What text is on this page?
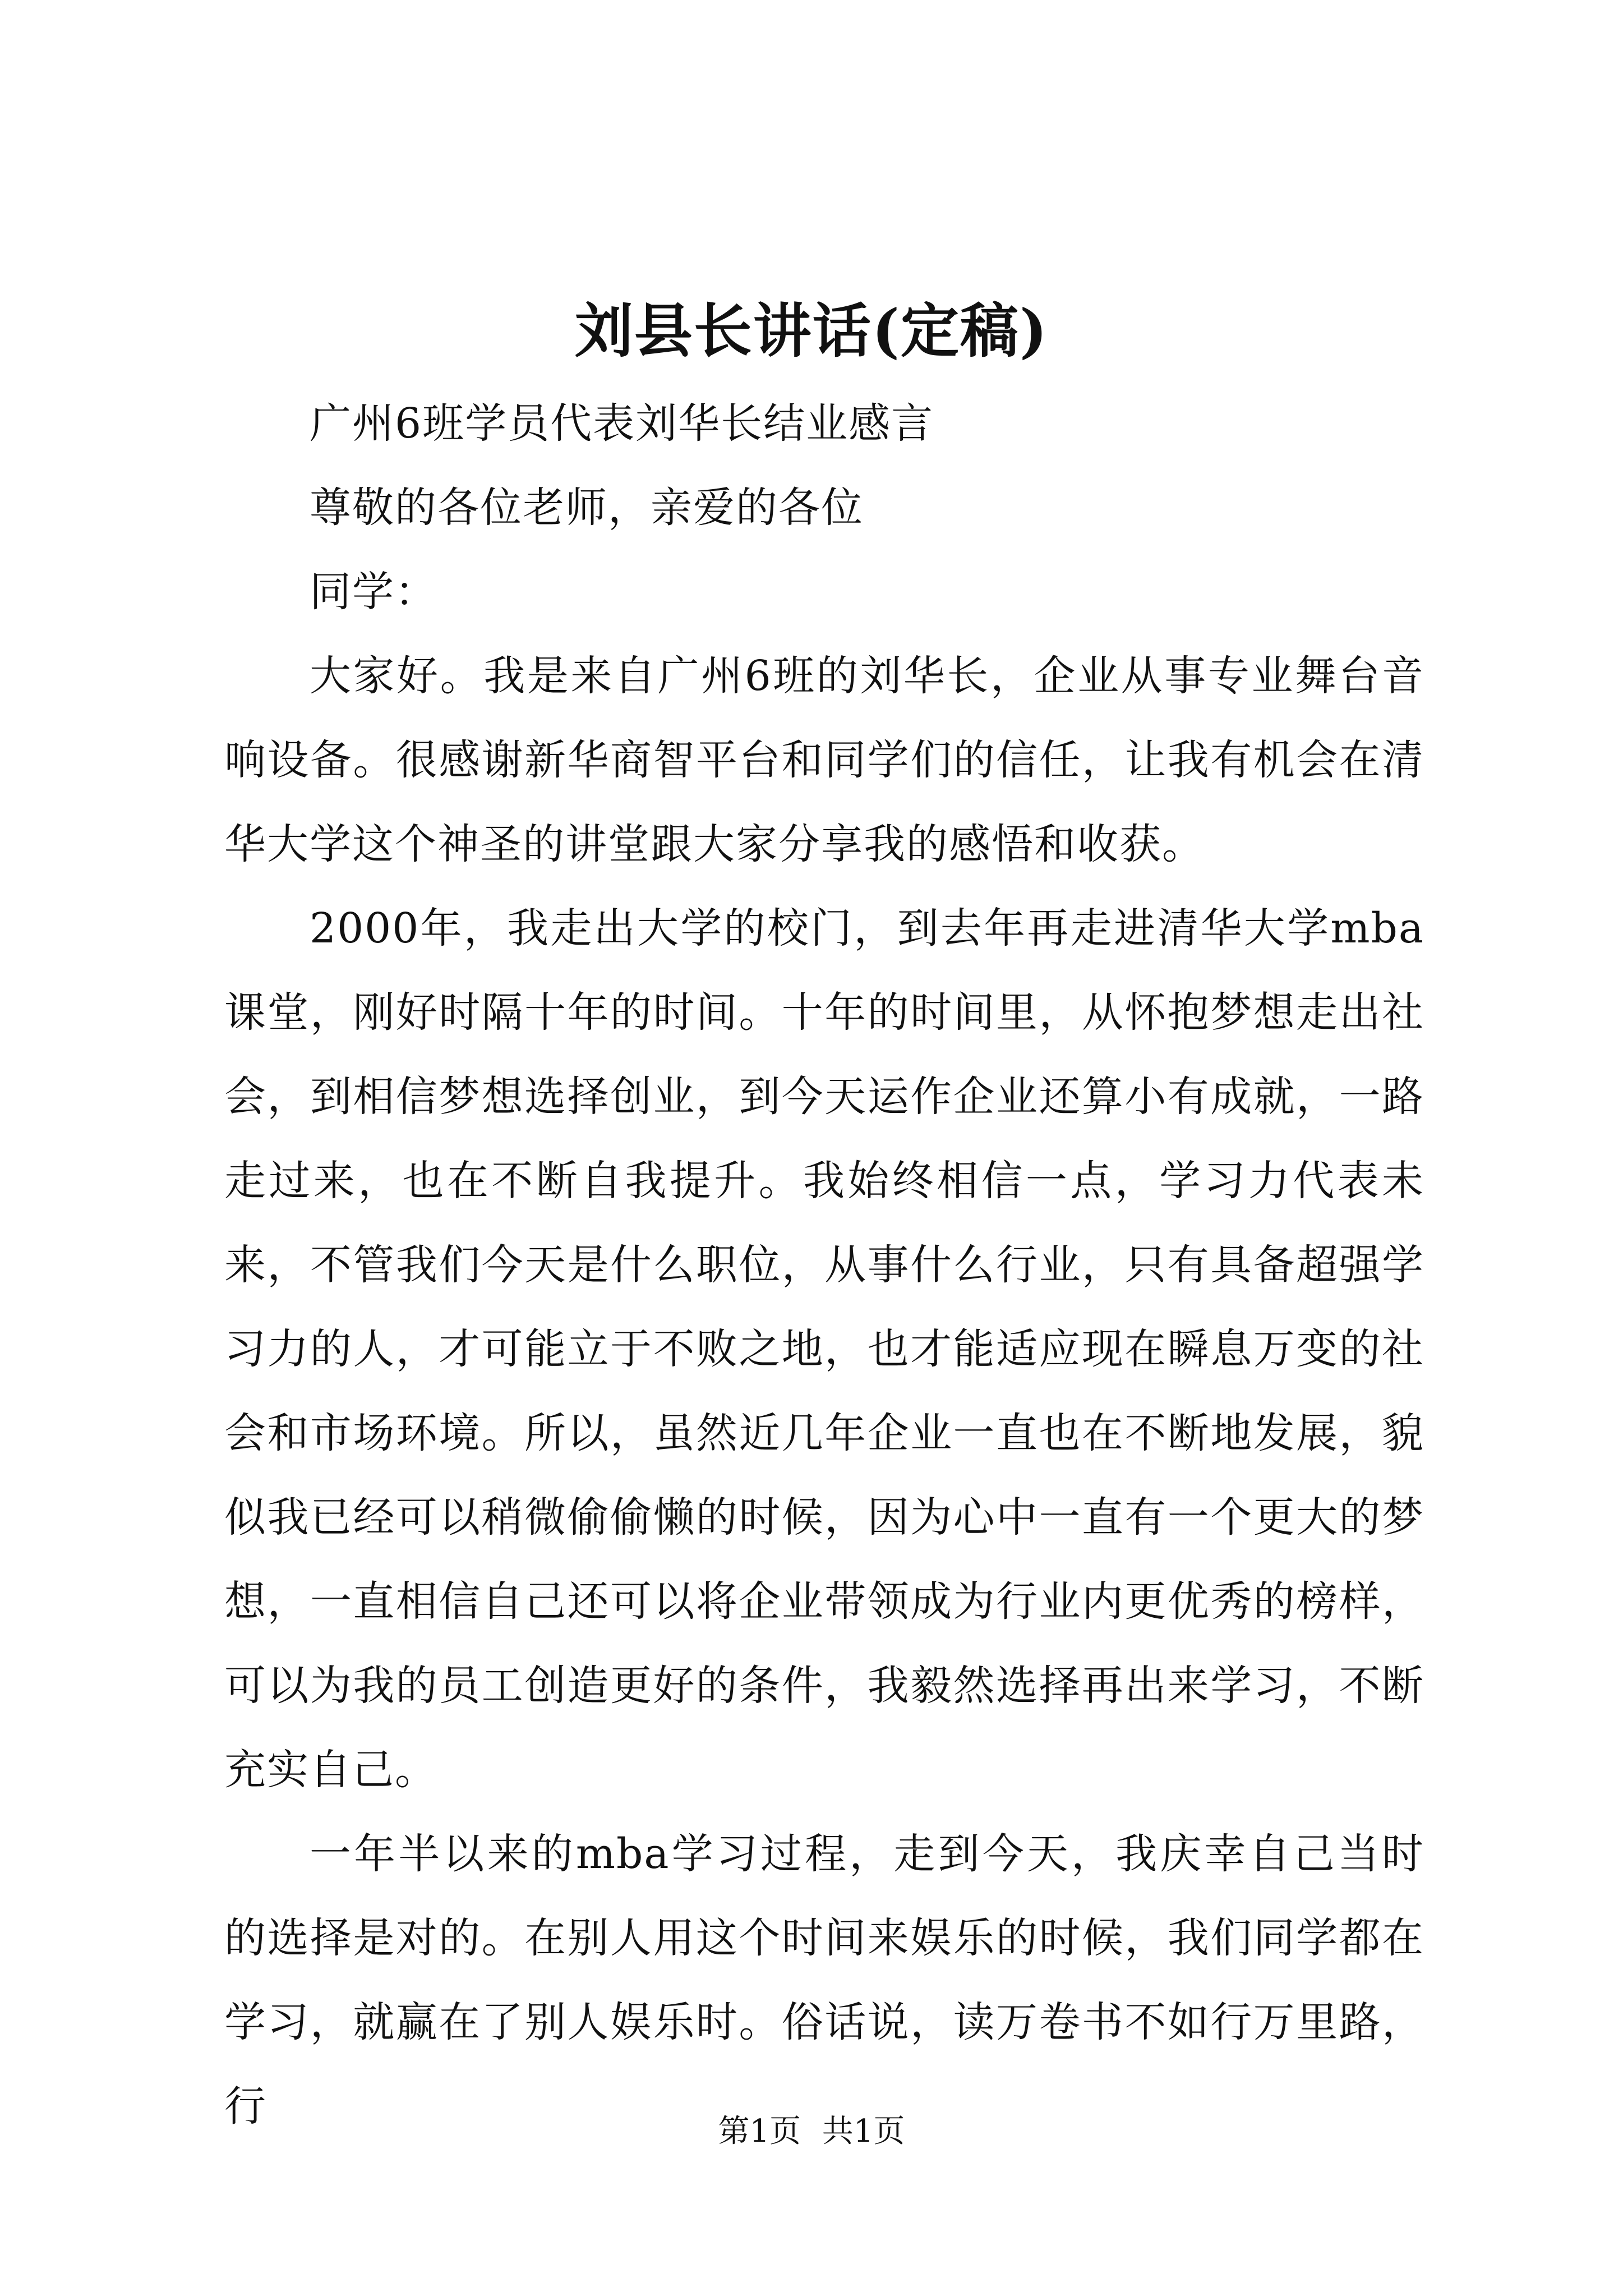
刘县长讲话(定稿)

广州6班学员代表刘华长结业感言

尊敬的各位老师，亲爱的各位

同学：

大家好。我是来自广州6班的刘华长，企业从事专业舞台音响设备。很感谢新华商智平台和同学们的信任，让我有机会在清华大学这个神圣的讲堂跟大家分享我的感悟和收获。

2000年，我走出大学的校门，到去年再走进清华大学mba课堂，刚好时隔十年的时间。十年的时间里，从怀抱梦想走出社会，到相信梦想选择创业，到今天运作企业还算小有成就，一路走过来，也在不断自我提升。我始终相信一点，学习力代表未来，不管我们今天是什么职位，从事什么行业，只有具备超强学习力的人，才可能立于不败之地，也才能适应现在瞬息万变的社会和市场环境。所以，虽然近几年企业一直也在不断地发展，貌似我已经可以稍微偷偷懒的时候，因为心中一直有一个更大的梦想，一直相信自己还可以将企业带领成为行业内更优秀的榜样，可以为我的员工创造更好的条件，我毅然选择再出来学习，不断充实自己。

一年半以来的mba学习过程，走到今天，我庆幸自己当时的选择是对的。在别人用这个时间来娱乐的时候，我们同学都在学习，就赢在了别人娱乐时。俗话说，读万卷书不如行万里路，行

第1页 共1页
